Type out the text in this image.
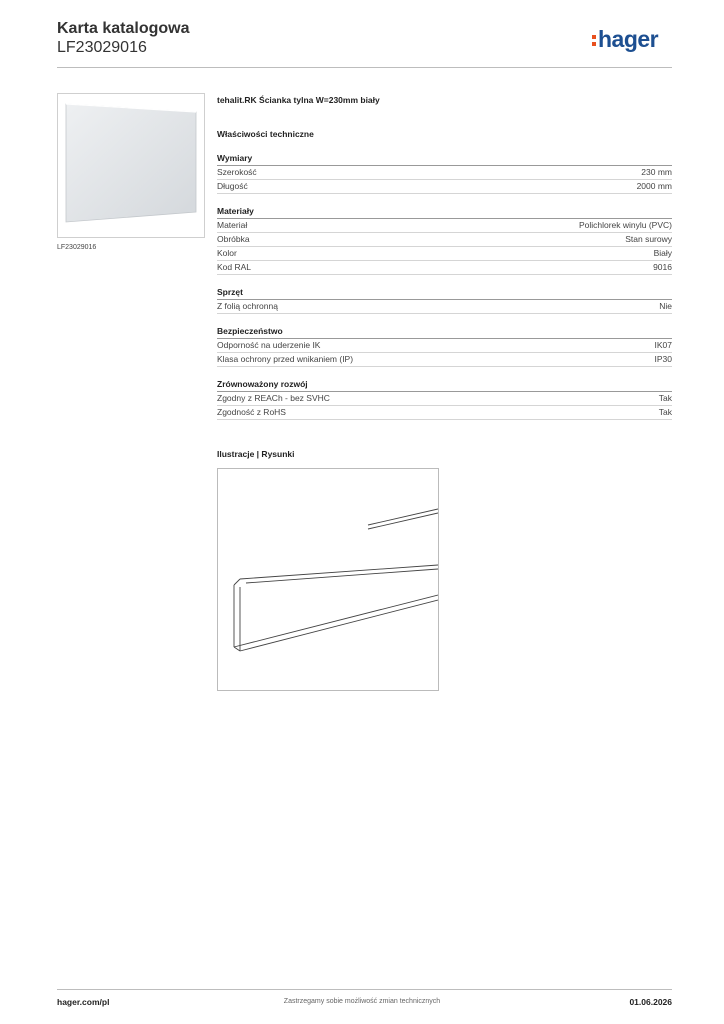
Karta katalogowa
LF23029016	hager
LF23029016
tehalit.RK Ścianka tylna W=230mm biały
Właściwości techniczne
Wymiary
Szerokość	230 mm
Długość	2000 mm
Materiały
Materiał	Polichlorek winylu (PVC)
Obróbka	Stan surowy
Kolor	Biały
Kod RAL	9016
Sprzęt
Z folią ochronną	Nie
Bezpieczeństwo
Odporność na uderzenie IK	IK07
Klasa ochrony przed wnikaniem (IP)	IP30
Zrównoważony rozwój
Zgodny z REACh - bez SVHC	Tak
Zgodność z RoHS	Tak
Ilustracje | Rysunki
hager.com/pl	Zastrzegamy sobie możliwość zmian technicznych	01.06.2026
